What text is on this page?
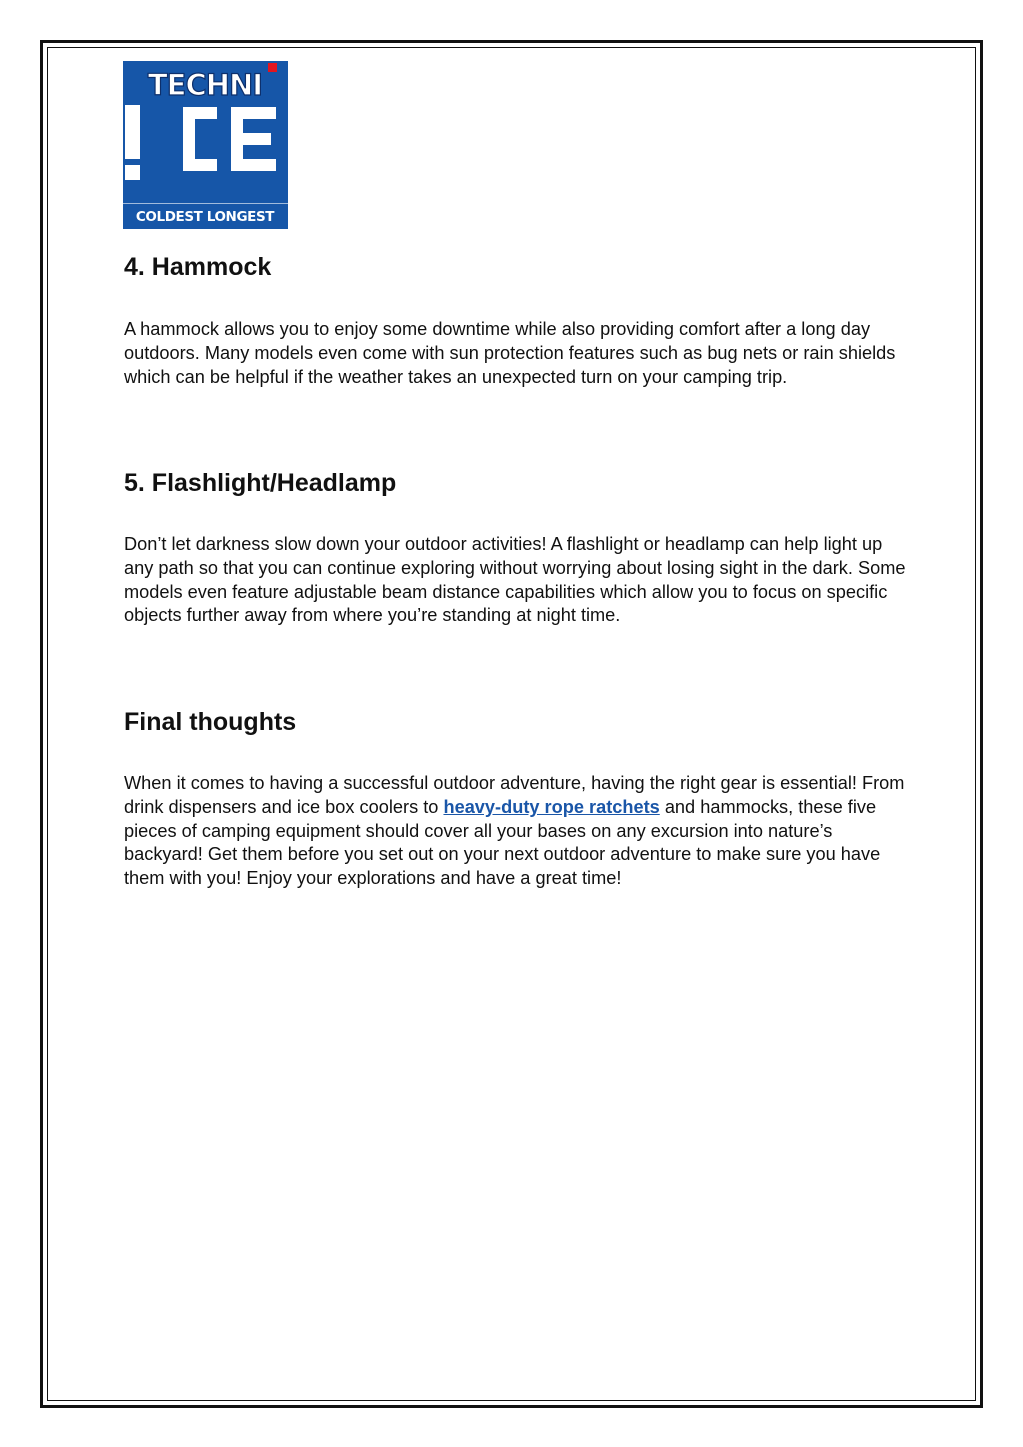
TECHNI
COLDEST LONGEST
4. Hammock

A hammock allows you to enjoy some downtime while also providing comfort after a long day outdoors. Many models even come with sun protection features such as bug nets or rain shields which can be helpful if the weather takes an unexpected turn on your camping trip.

5. Flashlight/Headlamp

Don’t let darkness slow down your outdoor activities! A flashlight or headlamp can help light up any path so that you can continue exploring without worrying about losing sight in the dark. Some models even feature adjustable beam distance capabilities which allow you to focus on specific objects further away from where you’re standing at night time.

Final thoughts

When it comes to having a successful outdoor adventure, having the right gear is essential! From drink dispensers and ice box coolers to heavy-duty rope ratchets and hammocks, these five pieces of camping equipment should cover all your bases on any excursion into nature’s backyard! Get them before you set out on your next outdoor adventure to make sure you have them with you! Enjoy your explorations and have a great time!
